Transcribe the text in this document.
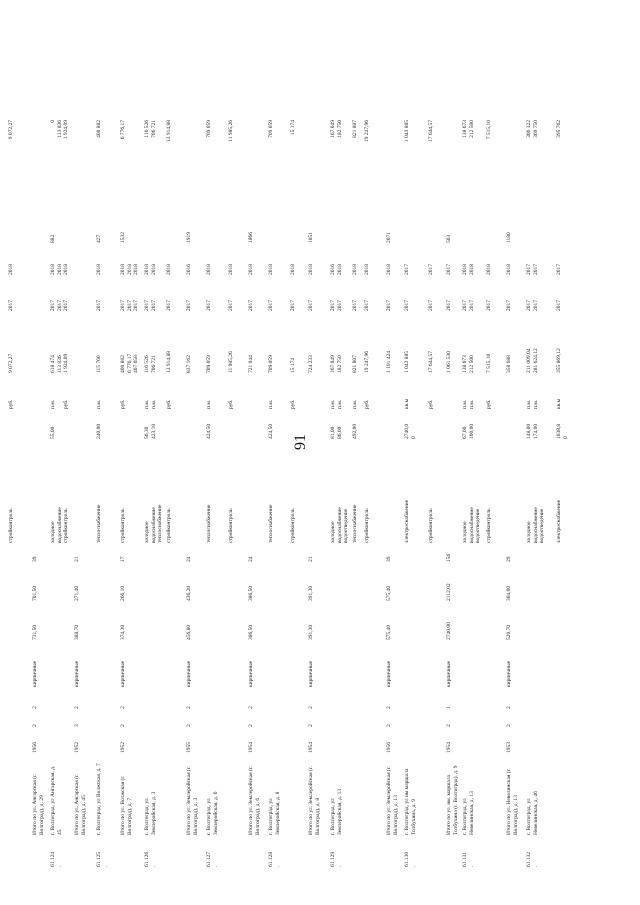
91
стройконтроль
руб.
9 072,27
2017
2018
9 072,27
Итого по ул. Ангарская (г.
Волгоград), д. 29
1956
2
2
кирпичные
731,50
701,50
39
61.124
.
г. Волгоград, ул Ангарская, д.
45
холодное
водоснабжение
стройконтроль
55,00
п.м.

руб.
618 474
113 836
1 924,09
2017
2017
2017
2018
2018
2018
882
0
113 836
1 924,09
Итого по ул. Ангарская (г.
Волгоград), д. 45
1952
3
2
кирпичные
388,70
271,40
21
61.125
.
г. Волгоград, ул Волжская, д. 7
теплоснабжение
240,00
п.м.
115 760
2017
2018
427
400 882
Итого по ул. Волжская (г.
Волгоград), д. 7
1952
2
2
кирпичные
374,30
266,10
17
стройконтроль
руб.
400 882
6 776,17
407 658
2017
2017
2017
2018
2018
2018
1532
6 776,17
61.126
.
г. Волгоград, ул
Землеройская, д. 3
холодное
водоснабжение
теплоснабжение
56,30
423,10
п.м.
п.м.
116 526
706 721
2017
2017
2018
2018
116 526
706 721
стройконтроль
руб.
13 914,88
2017
2018
13 914,88
Итого по ул. Землеройская (г.
Волгоград), д. 3
1955
2
2
кирпичные
456,80
436,20
24
837 162
2017
2016
1919
61.127
.
г. Волгоград, ул
Землеройская, д. 6
теплоснабжение
424,50
п.м.
709 059
2017
2018
709 059
стройконтроль
руб.
11 985,26
2017
2018
11 985,26
Итого по ул. Землеройская (г.
Волгоград), д. 6
1954
2
2
кирпичные
386,50
386,50
24
721 044
2017
2018
1866
61.128
.
г. Волгоград, ул
Землеройская, д. 8
теплоснабжение
424,50
п.м.
709 059
2017
2018
709 059
стройконтроль
руб.
15 174
2017
2018
15 174
Итого по ул. Землеройская (г.
Волгоград), д. 8
1954
2
2
кирпичные
391,30
391,30
21
724 233
2017
2018
1851
61.129
.
г. Волгоград, ул
Землеройская, д. 13
холодное
водоснабжение
водоотведение
81,00
86,00
п.м.
п.м.
167 049
182 750
2017
2017
2016
2018
167 049
182 750
теплоснабжение
492,00
п.м.
821 807
2017
2018
821 807
стройконтроль
руб.
19 247,96
2017
2018
19 247,96
Итого по ул. Землеройская (г.
Волгоград), д. 13
1956
2
2
кирпичные
575,40
575,40
39
1 191 424
2017
2018
2071
61.130
.
г. Волгоград, ул им маршала
Толбухина, д. 9
электроснабжение
2740,0
0
кв.м
1 043 885
2017
2017
1 043 885
стройконтроль
руб.
17 644,57
2017
2017
17 644,57
Итого по ул. им. маршала
Толбухина (г. Волгоград), д. 9
1954
2
1
кирпичные
2740,00
2112,02
156
1 061 530
2017
2017
503
61.131
.
г. Волгоград, ул
Невелинская, д. 13
холодное
водоснабжение
водоотведение
67,00
100,00
п.м.
п.м.
138 673
212 500
2017
2017
2018
2018
138 673
212 500
стройконтроль
руб.
7 515,10
2017
2018
7 515,10
Итого по ул. Невелинская (г.
Волгоград), д. 13
1953
2
2
кирпичные
520,70
304,00
29
358 688
2017
2018
1180
61.132
.
г. Волгоград, ул
Невелинская, д. 46
холодное
водоснабжение
водоотведение
148,00
174,00
п.м.
п.м.
211 009,04
281 624,12
2017
2017
2017
2017
306 322
369 750
электроснабжение
1038,8
0
кв.м
355 869,12
2017
2017
395 762
